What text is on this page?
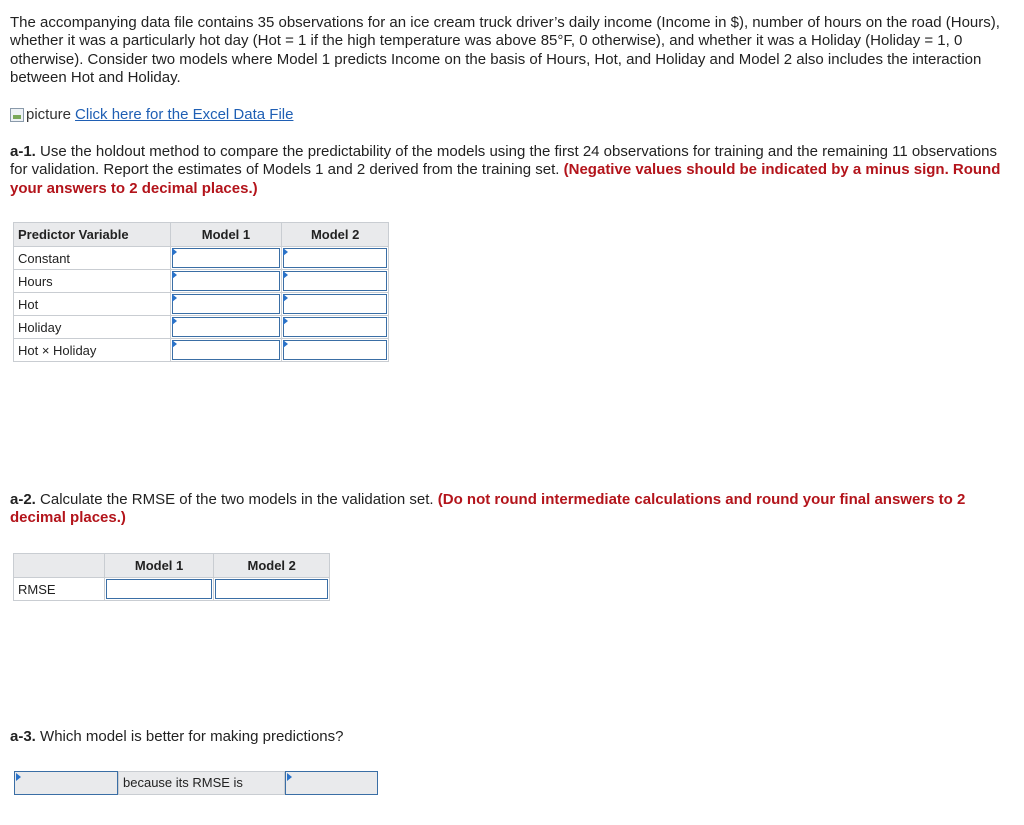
The accompanying data file contains 35 observations for an ice cream truck driver’s daily income (Income in $), number of hours on the road (Hours), whether it was a particularly hot day (Hot = 1 if the high temperature was above 85°F, 0 otherwise), and whether it was a Holiday (Holiday = 1, 0 otherwise). Consider two models where Model 1 predicts Income on the basis of Hours, Hot, and Holiday and Model 2 also includes the interaction between Hot and Holiday.

picture Click here for the Excel Data File
a-1. Use the holdout method to compare the predictability of the models using the first 24 observations for training and the remaining 11 observations for validation. Report the estimates of Models 1 and 2 derived from the training set. (Negative values should be indicated by a minus sign. Round your answers to 2 decimal places.)
Predictor Variable	Model 1	Model 2
Constant	

Hours	

Hot	

Holiday	

Hot × Holiday	

a-2. Calculate the RMSE of the two models in the validation set. (Do not round intermediate calculations and round your final answers to 2 decimal places.)
	Model 1	Model 2
RMSE	

a-3. Which model is better for making predictions?
because its RMSE is
